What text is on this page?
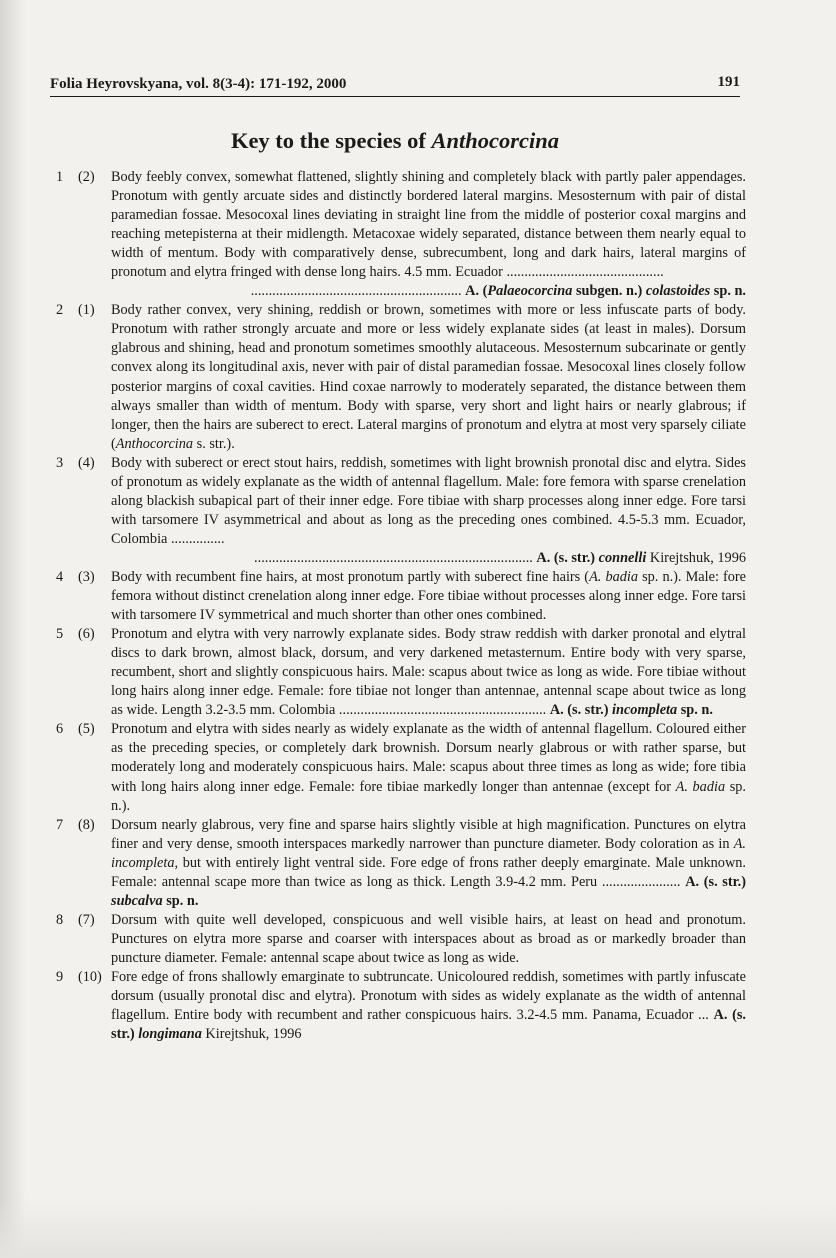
Folia Heyrovskyana, vol. 8(3-4): 171-192, 2000	191
Key to the species of Anthocorcina
1 (2) Body feebly convex, somewhat flattened, slightly shining and completely black with partly paler appendages. Pronotum with gently arcuate sides and distinctly bordered lateral margins. Mesosternum with pair of distal paramedian fossae. Mesocoxal lines deviating in straight line from the middle of posterior coxal margins and reaching metepisterna at their midlength. Metacoxae widely separated, distance between them nearly equal to width of mentum. Body with comparatively dense, subrecumbent, long and dark hairs, lateral margins of pronotum and elytra fringed with dense long hairs. 4.5 mm. Ecuador ............................................

........................................................... A. (Palaeocorcina subgen. n.) colastoides sp. n.
2 (1) Body rather convex, very shining, reddish or brown, sometimes with more or less infuscate parts of body. Pronotum with rather strongly arcuate and more or less widely explanate sides (at least in males). Dorsum glabrous and shining, head and pronotum sometimes smoothly alutaceous. Mesosternum subcarinate or gently convex along its longitudinal axis, never with pair of distal paramedian fossae. Mesocoxal lines closely follow posterior margins of coxal cavities. Hind coxae narrowly to moderately separated, the distance between them always smaller than width of mentum. Body with sparse, very short and light hairs or nearly glabrous; if longer, then the hairs are suberect to erect. Lateral margins of pronotum and elytra at most very sparsely ciliate (Anthocorcina s. str.).

3 (4) Body with suberect or erect stout hairs, reddish, sometimes with light brownish pronotal disc and elytra. Sides of pronotum as widely explanate as the width of antennal flagellum. Male: fore femora with sparse crenelation along blackish subapical part of their inner edge. Fore tibiae with sharp processes along inner edge. Fore tarsi with tarsomere IV asymmetrical and about as long as the preceding ones combined. 4.5-5.3 mm. Ecuador, Colombia ...............

.............................................................................. A. (s. str.) connelli Kirejtshuk, 1996
4 (3) Body with recumbent fine hairs, at most pronotum partly with suberect fine hairs (A. badia sp. n.). Male: fore femora without distinct crenelation along inner edge. Fore tibiae without processes along inner edge. Fore tarsi with tarsomere IV symmetrical and much shorter than other ones combined.

5 (6) Pronotum and elytra with very narrowly explanate sides. Body straw reddish with darker pronotal and elytral discs to dark brown, almost black, dorsum, and very darkened metasternum. Entire body with very sparse, recumbent, short and slightly conspicuous hairs. Male: scapus about twice as long as wide. Fore tibiae without long hairs along inner edge. Female: fore tibiae not longer than antennae, antennal scape about twice as long as wide. Length 3.2-3.5 mm. Colombia .......................................................... A. (s. str.) incompleta sp. n.

6 (5) Pronotum and elytra with sides nearly as widely explanate as the width of antennal flagellum. Coloured either as the preceding species, or completely dark brownish. Dorsum nearly glabrous or with rather sparse, but moderately long and moderately conspicuous hairs. Male: scapus about three times as long as wide; fore tibia with long hairs along inner edge. Female: fore tibiae markedly longer than antennae (except for A. badia sp. n.).

7 (8) Dorsum nearly glabrous, very fine and sparse hairs slightly visible at high magnification. Punctures on elytra finer and very dense, smooth interspaces markedly narrower than puncture diameter. Body coloration as in A. incompleta, but with entirely light ventral side. Fore edge of frons rather deeply emarginate. Male unknown. Female: antennal scape more than twice as long as thick. Length 3.9-4.2 mm. Peru ...................... A. (s. str.) subcalva sp. n.

8 (7) Dorsum with quite well developed, conspicuous and well visible hairs, at least on head and pronotum. Punctures on elytra more sparse and coarser with interspaces about as broad as or markedly broader than puncture diameter. Female: antennal scape about twice as long as wide.

9 (10) Fore edge of frons shallowly emarginate to subtruncate. Unicoloured reddish, sometimes with partly infuscate dorsum (usually pronotal disc and elytra). Pronotum with sides as widely explanate as the width of antennal flagellum. Entire body with recumbent and rather conspicuous hairs. 3.2-4.5 mm. Panama, Ecuador ... A. (s. str.) longimana Kirejtshuk, 1996
